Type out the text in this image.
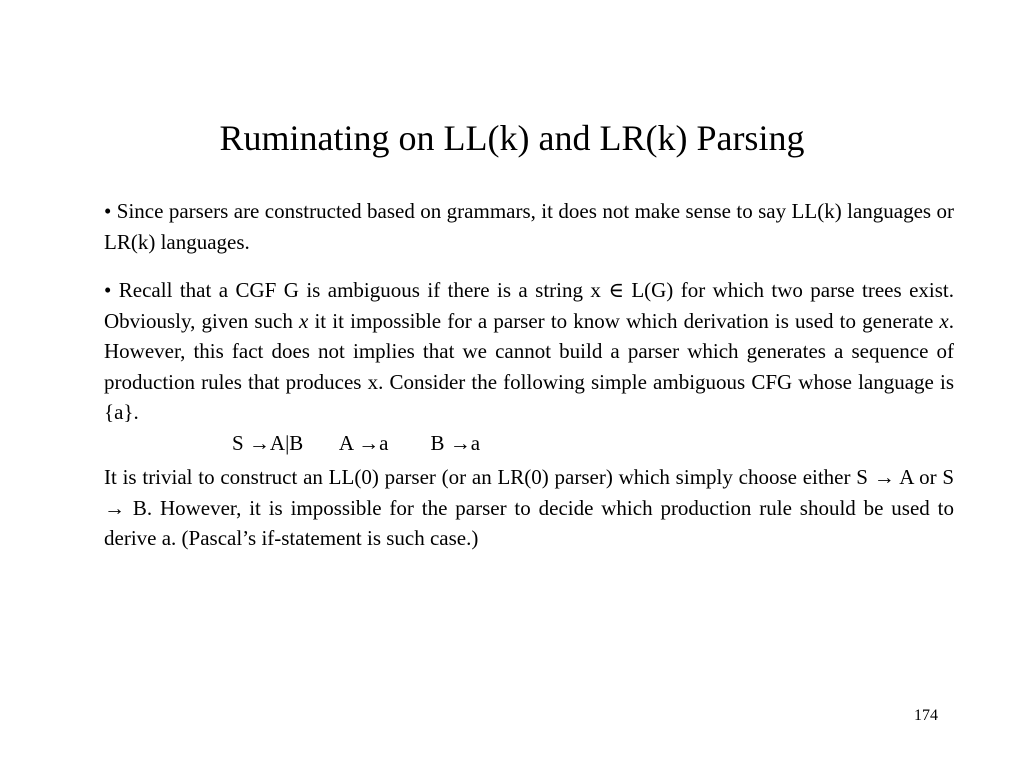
Ruminating on LL(k) and LR(k) Parsing

• Since parsers are constructed based on grammars, it does not make sense to say LL(k) languages or LR(k) languages.

• Recall that a CGF G is ambiguous if there is a string x ∈ L(G) for which two parse trees exist. Obviously, given such x it it impossible for a parser to know which derivation is used to generate x. However, this fact does not implies that we cannot build a parser which generates a sequence of production rules that produces x. Consider the following simple ambiguous CFG whose language is {a}.

S →A|B A →a B →a

It is trivial to construct an LL(0) parser (or an LR(0) parser) which simply choose either S → A or S → B. However, it is impossible for the parser to decide which production rule should be used to derive a. (Pascal’s if-statement is such case.)

174
